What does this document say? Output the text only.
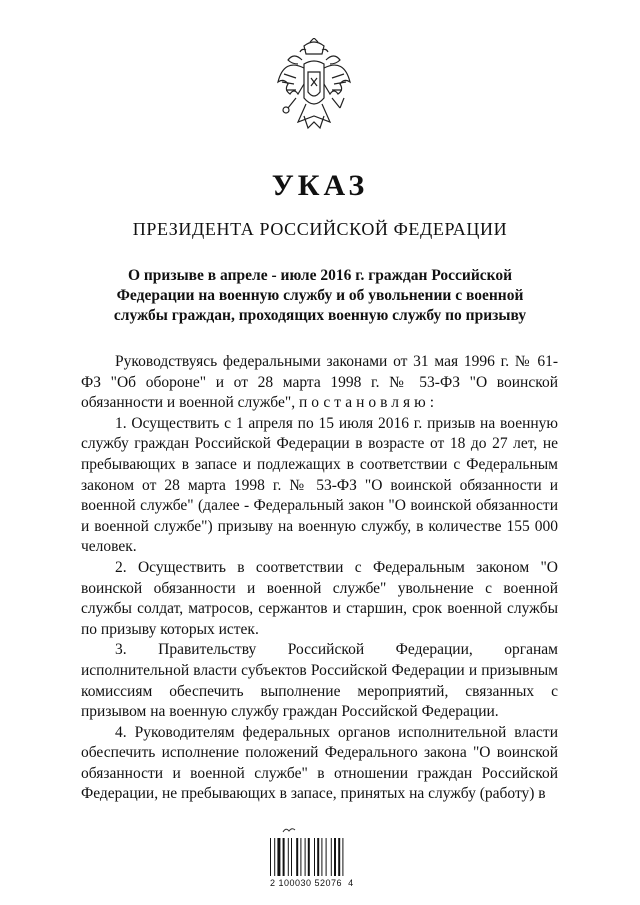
УКАЗ
ПРЕЗИДЕНТА РОССИЙСКОЙ ФЕДЕРАЦИИ
О призыве в апреле - июле 2016 г. граждан Российской Федерации на военную службу и об увольнении с военной службы граждан, проходящих военную службу по призыву

Руководствуясь федеральными законами от 31 мая 1996 г. № 61-ФЗ "Об обороне" и от 28 марта 1998 г. № 53-ФЗ "О воинской обязанности и военной службе", постановляю:

1. Осуществить с 1 апреля по 15 июля 2016 г. призыв на военную службу граждан Российской Федерации в возрасте от 18 до 27 лет, не пребывающих в запасе и подлежащих в соответствии с Федеральным законом от 28 марта 1998 г. № 53-ФЗ "О воинской обязанности и военной службе" (далее - Федеральный закон "О воинской обязанности и военной службе") призыву на военную службу, в количестве 155 000 человек.

2. Осуществить в соответствии с Федеральным законом "О воинской обязанности и военной службе" увольнение с военной службы солдат, матросов, сержантов и старшин, срок военной службы по призыву которых истек.

3. Правительству Российской Федерации, органам исполнительной власти субъектов Российской Федерации и призывным комиссиям обеспечить выполнение мероприятий, связанных с призывом на военную службу граждан Российской Федерации.

4. Руководителям федеральных органов исполнительной власти обеспечить исполнение положений Федерального закона "О воинской обязанности и военной службе" в отношении граждан Российской Федерации, не пребывающих в запасе, принятых на службу (работу) в

2 100030 52076 4
